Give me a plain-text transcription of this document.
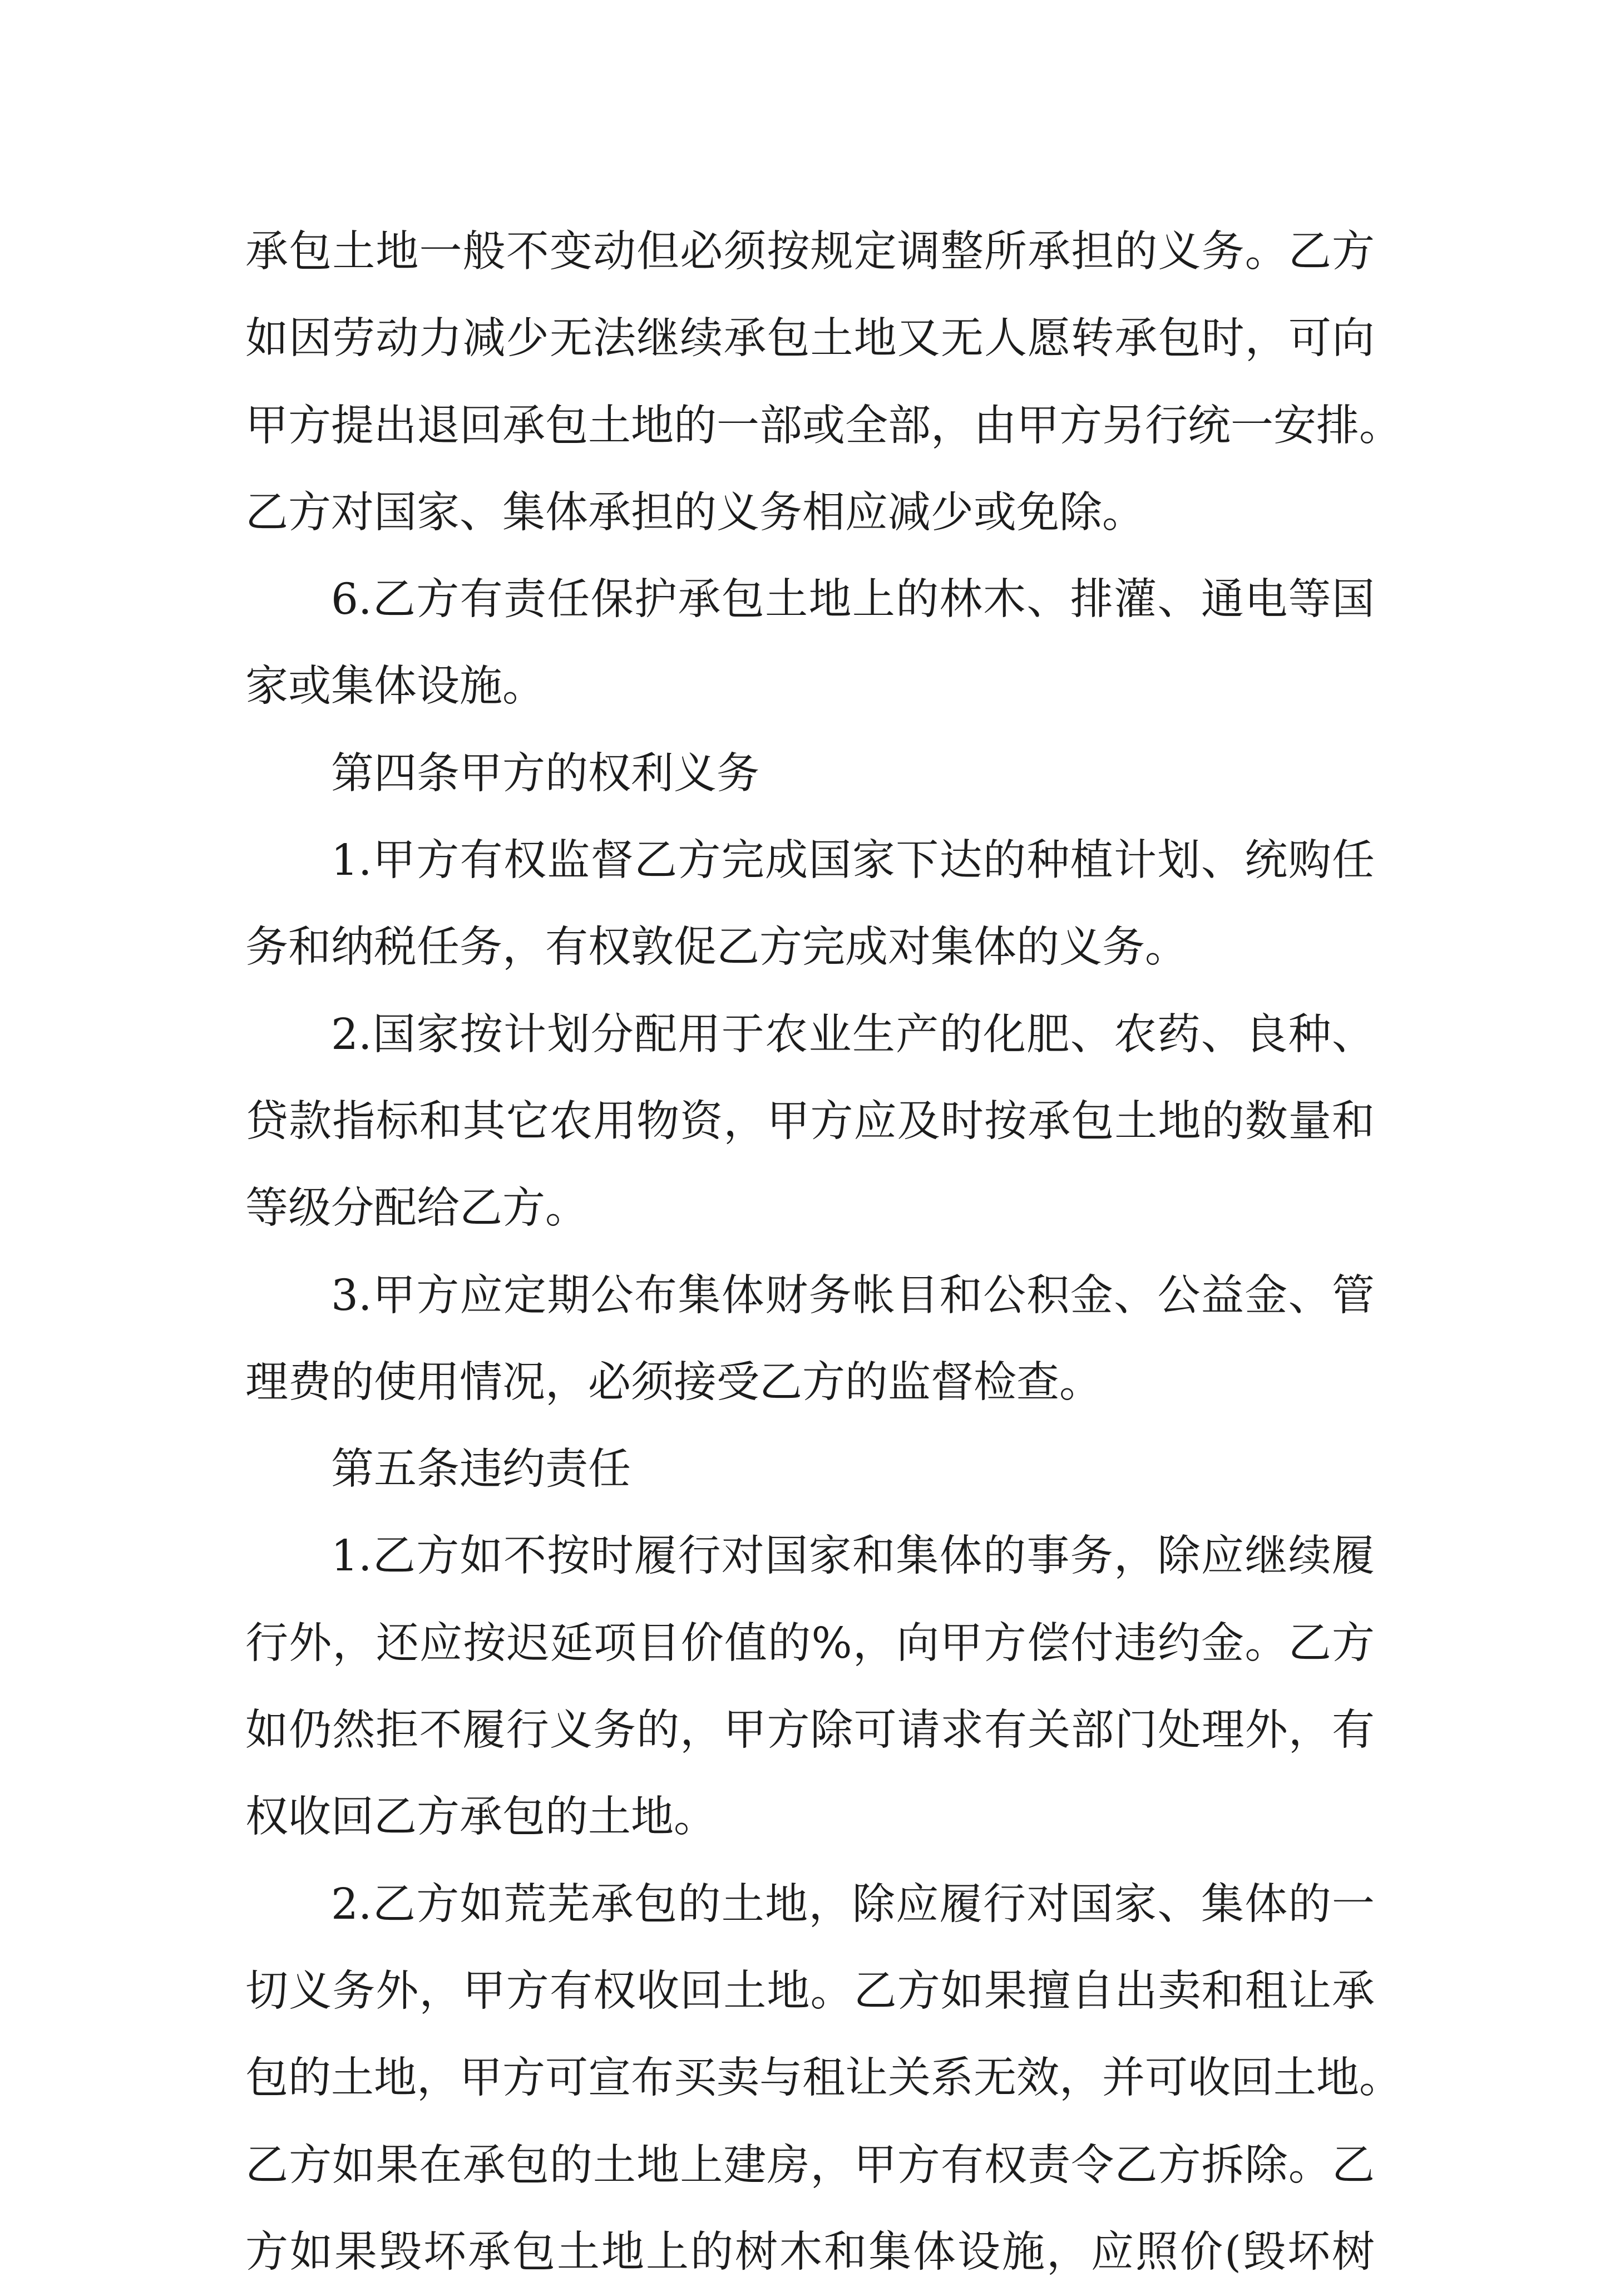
承包土地一般不变动但必须按规定调整所承担的义务。乙方
如因劳动力减少无法继续承包土地又无人愿转承包时，可向
甲方提出退回承包土地的一部或全部，由甲方另行统一安排。
乙方对国家、集体承担的义务相应减少或免除。
6.乙方有责任保护承包土地上的林木、排灌、通电等国
家或集体设施。
第四条甲方的权利义务
1.甲方有权监督乙方完成国家下达的种植计划、统购任
务和纳税任务，有权敦促乙方完成对集体的义务。
2.国家按计划分配用于农业生产的化肥、农药、良种、
贷款指标和其它农用物资，甲方应及时按承包土地的数量和
等级分配给乙方。
3.甲方应定期公布集体财务帐目和公积金、公益金、管
理费的使用情况，必须接受乙方的监督检查。
第五条违约责任
1.乙方如不按时履行对国家和集体的事务，除应继续履
行外，还应按迟延项目价值的%，向甲方偿付违约金。乙方
如仍然拒不履行义务的，甲方除可请求有关部门处理外，有
权收回乙方承包的土地。
2.乙方如荒芜承包的土地，除应履行对国家、集体的一
切义务外，甲方有权收回土地。乙方如果擅自出卖和租让承
包的土地，甲方可宣布买卖与租让关系无效，并可收回土地。
乙方如果在承包的土地上建房，甲方有权责令乙方拆除。乙
方如果毁坏承包土地上的树木和集体设施，应照价(毁坏树
